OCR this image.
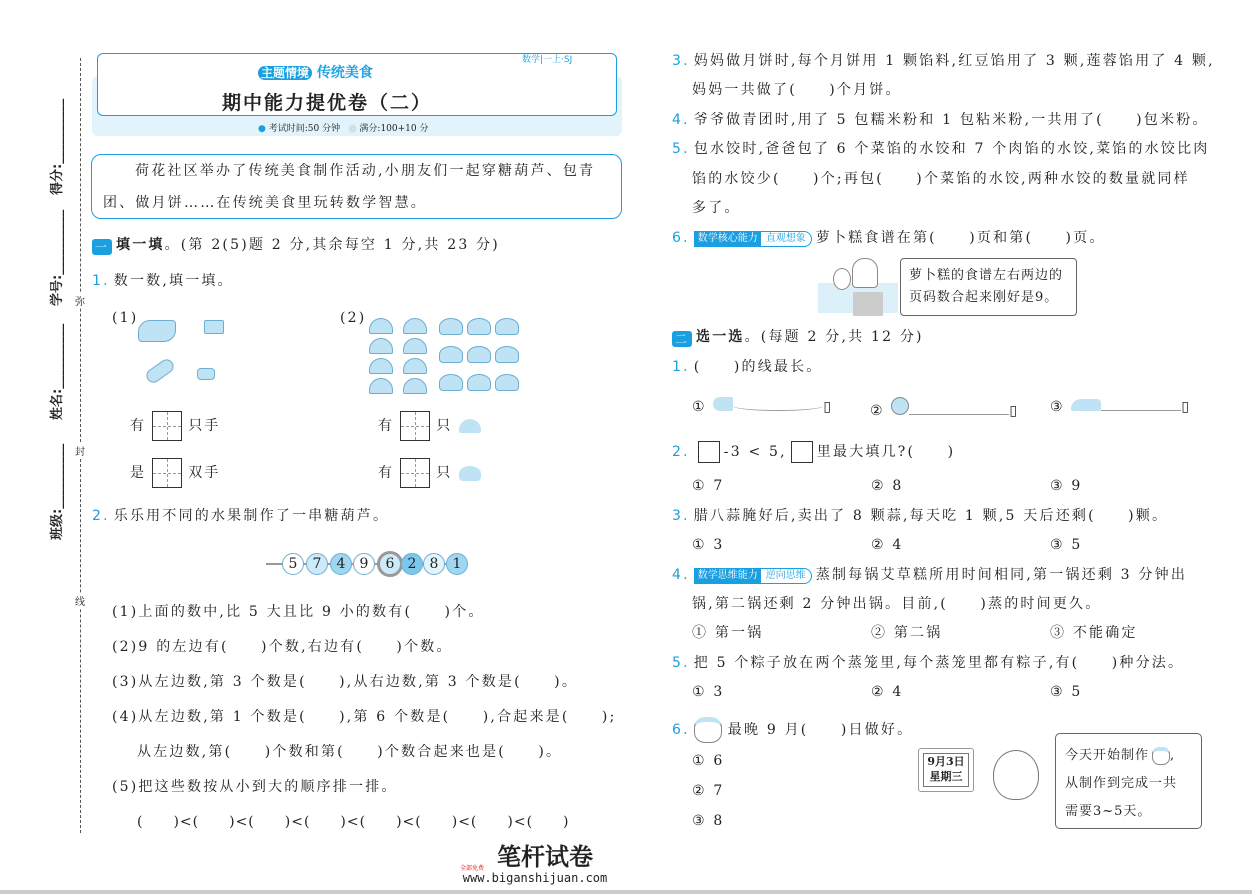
班级:__________
姓名:__________
学号:__________
得分:__________
弥
封
线
数学|一上·SJ
主题情境 传统美食
期中能力提优卷（二）
● 考试时间:50 分钟 ◎ 满分:100+10 分
荷花社区举办了传统美食制作活动,小朋友们一起穿糖葫芦、包青
团、做月饼……在传统美食里玩转数学智慧。
一 填一填。(第 2(5)题 2 分,其余每空 1 分,共 23 分)
1. 数一数,填一填。
(1)	(2)
有	只手
是	双手
有	只
有	只
2. 乐乐用不同的水果制作了一串糖葫芦。
5	7	4	9	6 2 8	1
(1)上面的数中,比 5 大且比 9 小的数有(　　)个。
(2)9 的左边有(　　)个数,右边有(　　)个数。
(3)从左边数,第 3 个数是(　　),从右边数,第 3 个数是(　　)。
(4)从左边数,第 1 个数是(　　),第 6 个数是(　　),合起来是(　　);
从左边数,第(　　)个数和第(　　)个数合起来也是(　　)。
(5)把这些数按从小到大的顺序排一排。
(　　)<(　　)<(　　)<(　　)<(　　)<(　　)<(　　)<(　　)
3. 妈妈做月饼时,每个月饼用 1 颗馅料,红豆馅用了 3 颗,莲蓉馅用了 4 颗,
妈妈一共做了(　　)个月饼。
4. 爷爷做青团时,用了 5 包糯米粉和 1 包粘米粉,一共用了(　　)包米粉。
5. 包水饺时,爸爸包了 6 个菜馅的水饺和 7 个肉馅的水饺,菜馅的水饺比肉
馅的水饺少(　　)个;再包(　　)个菜馅的水饺,两种水饺的数量就同样
多了。
6. 数学核心能力 直观想象 萝卜糕食谱在第(　　)页和第(　　)页。
萝卜糕的食谱左右两边的
页码数合起来刚好是9。
二 选一选。(每题 2 分,共 12 分)
1. (　　)的线最长。
①	▯	②	▯ ③	▯
2. -3 < 5, 里最大填几?(　　)
① 7	② 8	③ 9
3. 腊八蒜腌好后,卖出了 8 颗蒜,每天吃 1 颗,5 天后还剩(　　)颗。
① 3	② 4	③ 5
4. 数学思维能力 逆向思维 蒸制每锅艾草糕所用时间相同,第一锅还剩 3 分钟出
锅,第二锅还剩 2 分钟出锅。目前,(　　)蒸的时间更久。
① 第一锅	② 第二锅	③ 不能确定
5. 把 5 个粽子放在两个蒸笼里,每个蒸笼里都有粽子,有(　　)种分法。
① 3	② 4	③ 5
6.	最晚 9 月(　　)日做好。
① 6
② 7
③ 8
9月3日
星期三
今天开始制作 ,
从制作到完成一共
需要3~5天。
全部免费 笔杆试卷
www.biganshijuan.com
